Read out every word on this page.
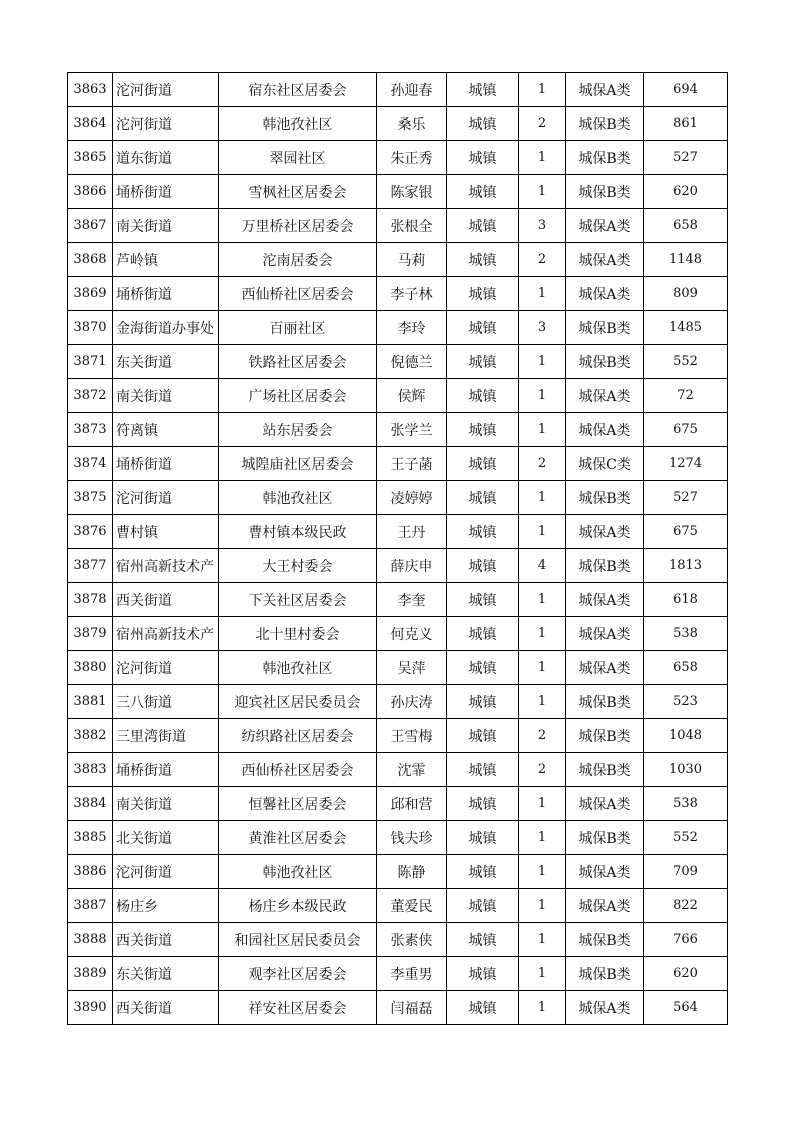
3863	沱河街道	宿东社区居委会	孙迎春	城镇	1	城保A类	694
3864	沱河街道	韩池孜社区	桑乐	城镇	2	城保B类	861
3865	道东街道	翠园社区	朱正秀	城镇	1	城保B类	527
3866	埇桥街道	雪枫社区居委会	陈家银	城镇	1	城保B类	620
3867	南关街道	万里桥社区居委会	张根全	城镇	3	城保A类	658
3868	芦岭镇	沱南居委会	马莉	城镇	2	城保A类	1148
3869	埇桥街道	西仙桥社区居委会	李子林	城镇	1	城保A类	809
3870	金海街道办事处	百丽社区	李玲	城镇	3	城保B类	1485
3871	东关街道	铁路社区居委会	倪德兰	城镇	1	城保B类	552
3872	南关街道	广场社区居委会	侯辉	城镇	1	城保A类	72
3873	符离镇	站东居委会	张学兰	城镇	1	城保A类	675
3874	埇桥街道	城隍庙社区居委会	王子菡	城镇	2	城保C类	1274
3875	沱河街道	韩池孜社区	凌婷婷	城镇	1	城保B类	527
3876	曹村镇	曹村镇本级民政	王丹	城镇	1	城保A类	675
3877	宿州高新技术产	大王村委会	薛庆申	城镇	4	城保B类	1813
3878	西关街道	下关社区居委会	李奎	城镇	1	城保A类	618
3879	宿州高新技术产	北十里村委会	何克义	城镇	1	城保A类	538
3880	沱河街道	韩池孜社区	吴萍	城镇	1	城保A类	658
3881	三八街道	迎宾社区居民委员会	孙庆涛	城镇	1	城保B类	523
3882	三里湾街道	纺织路社区居委会	王雪梅	城镇	2	城保B类	1048
3883	埇桥街道	西仙桥社区居委会	沈霏	城镇	2	城保B类	1030
3884	南关街道	恒馨社区居委会	邱和营	城镇	1	城保A类	538
3885	北关街道	黄淮社区居委会	钱夫珍	城镇	1	城保B类	552
3886	沱河街道	韩池孜社区	陈静	城镇	1	城保A类	709
3887	杨庄乡	杨庄乡本级民政	董爱民	城镇	1	城保A类	822
3888	西关街道	和园社区居民委员会	张素侠	城镇	1	城保B类	766
3889	东关街道	观李社区居委会	李重男	城镇	1	城保B类	620
3890	西关街道	祥安社区居委会	闫福磊	城镇	1	城保A类	564
